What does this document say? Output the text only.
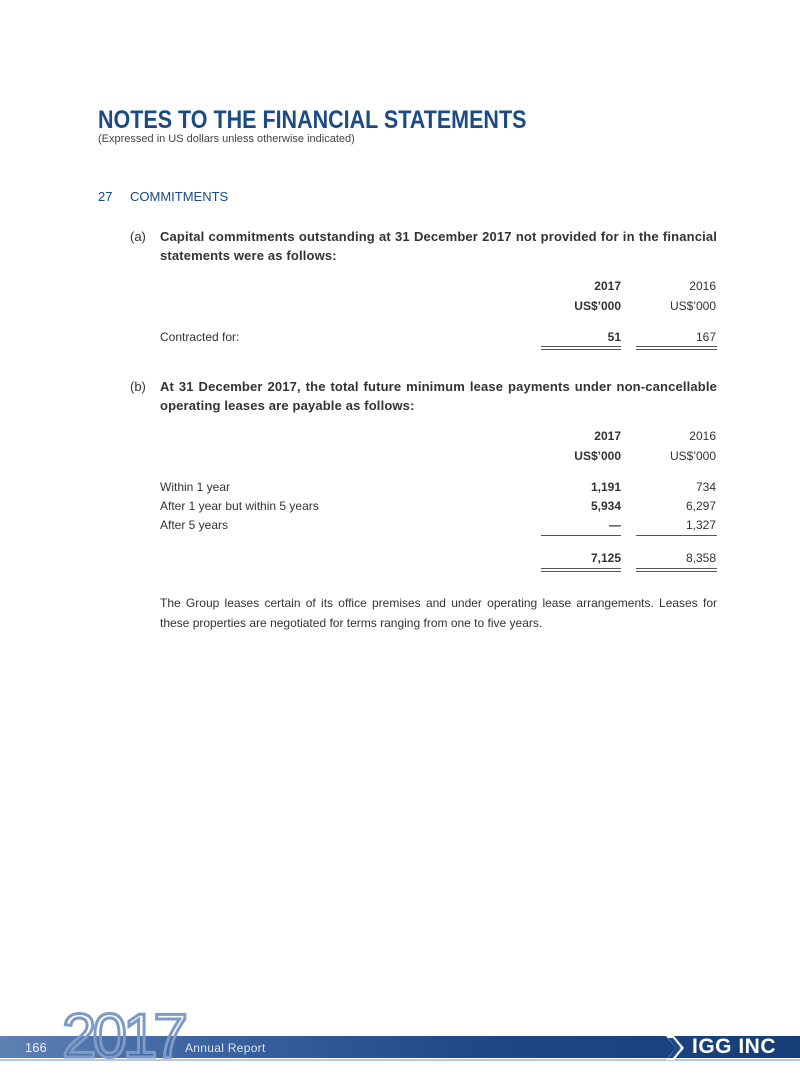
NOTES TO THE FINANCIAL STATEMENTS
(Expressed in US dollars unless otherwise indicated)
27 COMMITMENTS
(a) Capital commitments outstanding at 31 December 2017 not provided for in the financial statements were as follows:
2017	2016
US$’000	US$’000
Contracted for:	51	167
(b) At 31 December 2017, the total future minimum lease payments under non-cancellable operating leases are payable as follows:
2017	2016
US$’000	US$’000
Within 1 year	1,191	734
After 1 year but within 5 years	5,934	6,297
After 5 years	—	1,327
7,125	8,358
The Group leases certain of its office premises and under operating lease arrangements. Leases for these properties are negotiated for terms ranging from one to five years.
166 2017 Annual Report	IGG INC
